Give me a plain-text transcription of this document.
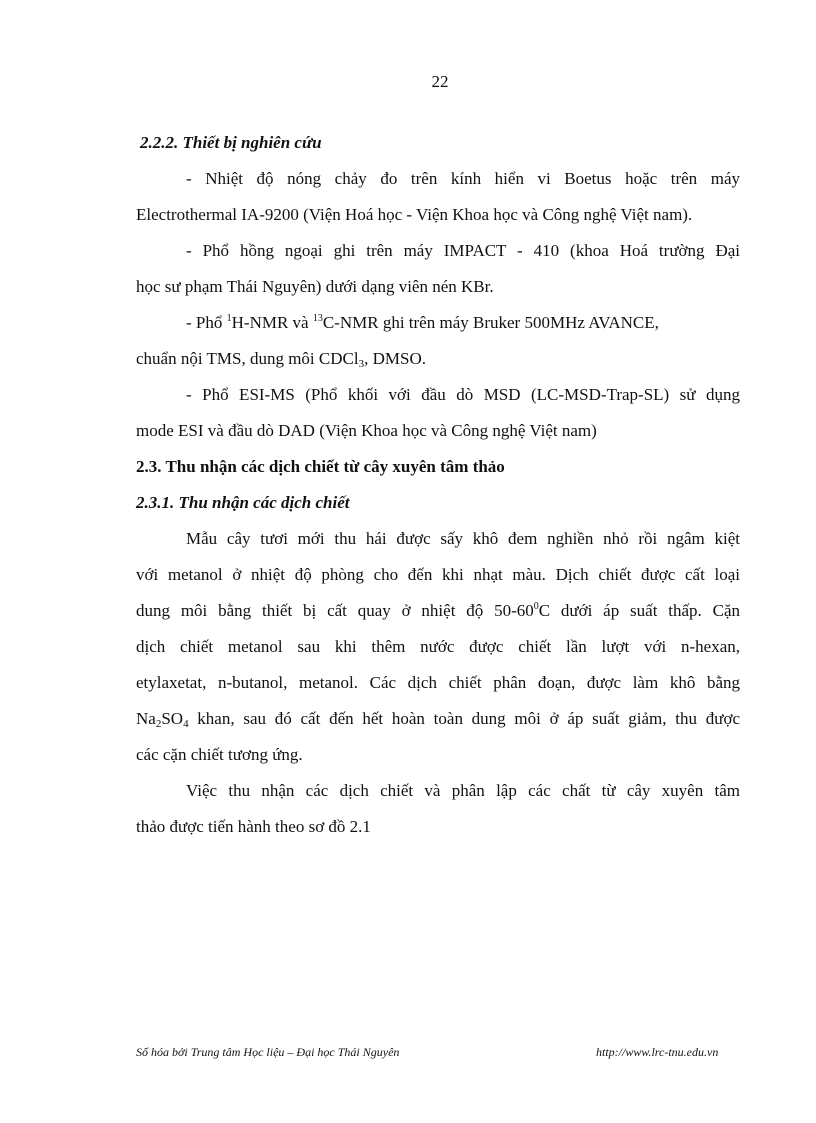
22
2.2.2. Thiết bị nghiên cứu
- Nhiệt độ nóng chảy đo trên kính hiển vi Boetus hoặc trên máy
Electrothermal IA-9200 (Viện Hoá học - Viện Khoa học và Công nghệ Việt nam).
- Phổ hồng ngoại ghi trên máy IMPACT - 410 (khoa Hoá trường Đại
học sư phạm Thái Nguyên) dưới dạng viên nén KBr.
- Phổ $^1$H-NMR và $^{13}$C-NMR ghi trên máy Bruker 500MHz AVANCE,
chuẩn nội TMS, dung môi CDCl$_3$, DMSO.
- Phổ ESI-MS (Phổ khối với đầu dò MSD (LC-MSD-Trap-SL) sử dụng
mode ESI và đầu dò DAD (Viện Khoa học và Công nghệ Việt nam)
2.3. Thu nhận các dịch chiết từ cây xuyên tâm thảo
2.3.1. Thu nhận các dịch chiết
Mẫu cây tươi mới thu hái được sấy khô đem nghiền nhỏ rồi ngâm kiệt
với metanol ở nhiệt độ phòng cho đến khi nhạt màu. Dịch chiết được cất loại
dung môi bằng thiết bị cất quay ở nhiệt độ $50-60^0C$ dưới áp suất thấp. Cặn
dịch chiết metanol sau khi thêm nước được chiết lần lượt với n-hexan,
etylaxetat, n-butanol, metanol. Các dịch chiết phân đoạn, được làm khô bằng
$Na_2SO_4$ khan, sau đó cất đến hết hoàn toàn dung môi ở áp suất giảm, thu được
các cặn chiết tương ứng.
Việc thu nhận các dịch chiết và phân lập các chất từ cây xuyên tâm
thảo được tiến hành theo sơ đồ 2.1
Số hóa bởi Trung tâm Học liệu – Đại học Thái Nguyên	http://www.lrc-tnu.edu.vn
